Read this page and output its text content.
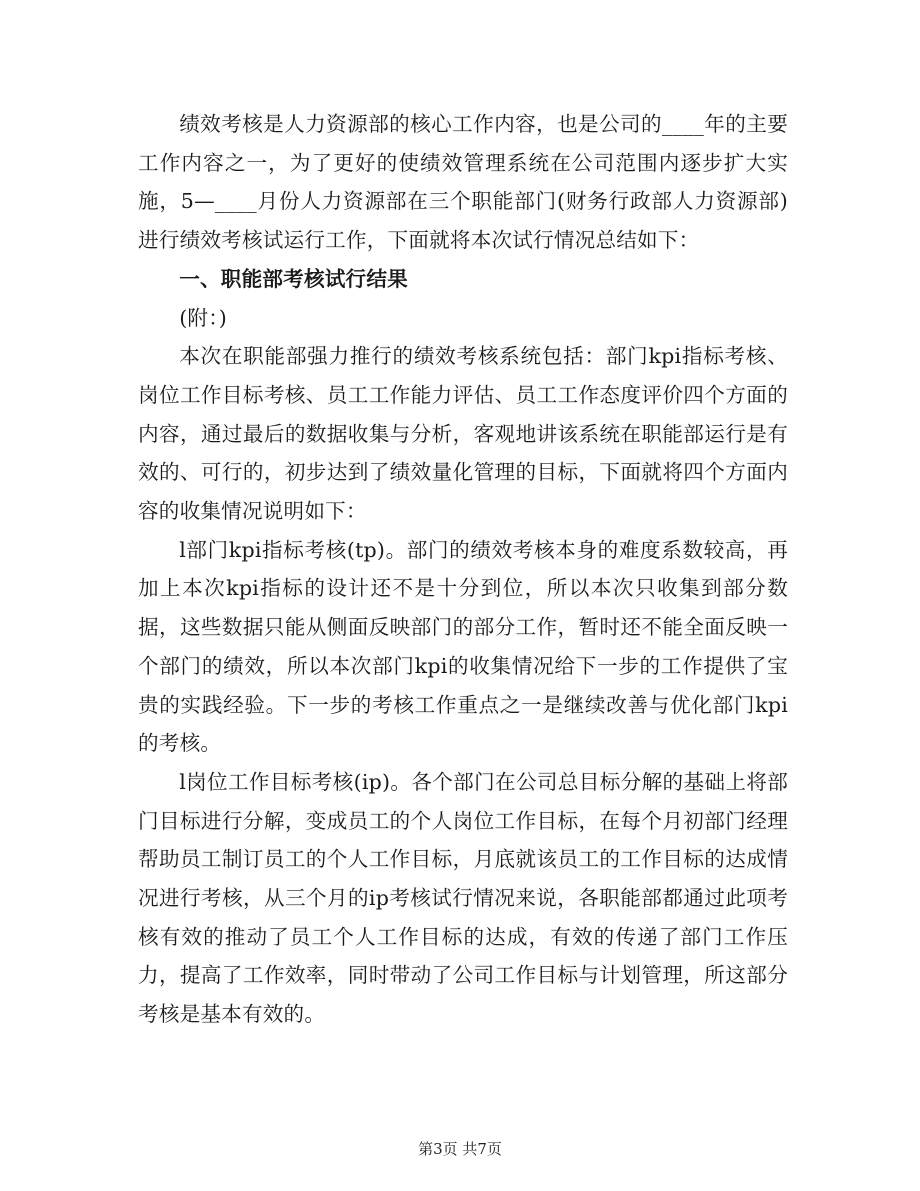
绩效考核是人力资源部的核心工作内容，也是公司的____年的主要工作内容之一，为了更好的使绩效管理系统在公司范围内逐步扩大实施，5—____月份人力资源部在三个职能部门(财务行政部人力资源部)进行绩效考核试运行工作，下面就将本次试行情况总结如下：

一、职能部考核试行结果

(附：)

本次在职能部强力推行的绩效考核系统包括：部门kpi指标考核、岗位工作目标考核、员工工作能力评估、员工工作态度评价四个方面的内容，通过最后的数据收集与分析，客观地讲该系统在职能部运行是有效的、可行的，初步达到了绩效量化管理的目标，下面就将四个方面内容的收集情况说明如下：

l部门kpi指标考核(tp)。部门的绩效考核本身的难度系数较高，再加上本次kpi指标的设计还不是十分到位，所以本次只收集到部分数据，这些数据只能从侧面反映部门的部分工作，暂时还不能全面反映一个部门的绩效，所以本次部门kpi的收集情况给下一步的工作提供了宝贵的实践经验。下一步的考核工作重点之一是继续改善与优化部门kpi的考核。

l岗位工作目标考核(ip)。各个部门在公司总目标分解的基础上将部门目标进行分解，变成员工的个人岗位工作目标，在每个月初部门经理帮助员工制订员工的个人工作目标，月底就该员工的工作目标的达成情况进行考核，从三个月的ip考核试行情况来说，各职能部都通过此项考核有效的推动了员工个人工作目标的达成，有效的传递了部门工作压力，提高了工作效率，同时带动了公司工作目标与计划管理，所这部分考核是基本有效的。

第3页 共7页
